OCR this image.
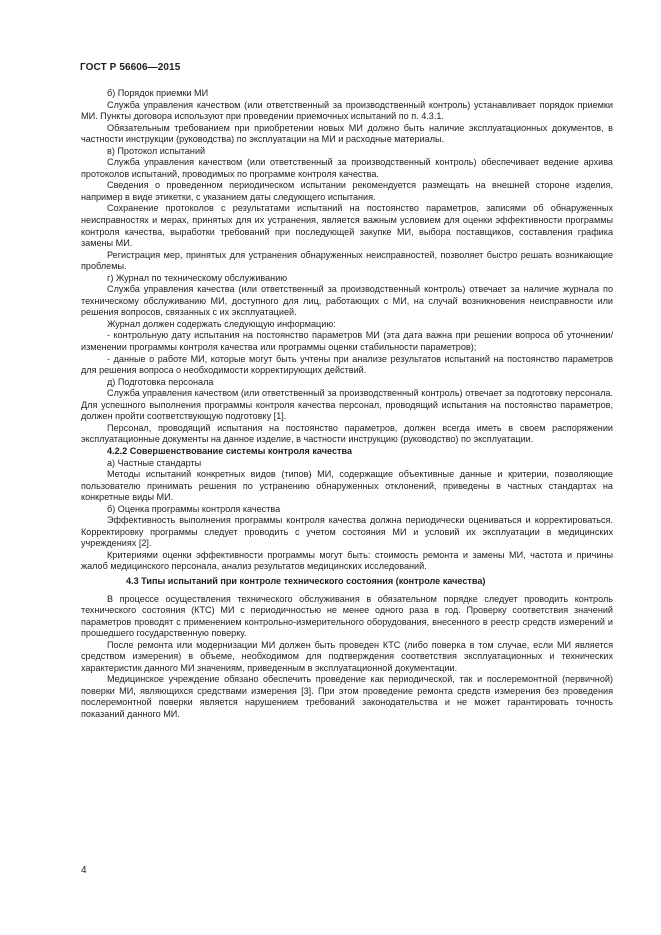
ГОСТ Р 56606—2015

б) Порядок приемки МИ

Служба управления качеством (или ответственный за производственный контроль) устанавливает порядок приемки МИ. Пункты договора используют при проведении приемочных испытаний по п. 4.3.1.

Обязательным требованием при приобретении новых МИ должно быть наличие эксплуатационных документов, в частности инструкции (руководства) по эксплуатации на МИ и расходные материалы.

в) Протокол испытаний

Служба управления качеством (или ответственный за производственный контроль) обеспечивает ведение архива протоколов испытаний, проводимых по программе контроля качества.

Сведения о проведенном периодическом испытании рекомендуется размещать на внешней стороне изделия, например в виде этикетки, с указанием даты следующего испытания.

Сохранение протоколов с результатами испытаний на постоянство параметров, записями об обнаруженных неисправностях и мерах, принятых для их устранения, является важным условием для оценки эффективности программы контроля качества, выработки требований при последующей закупке МИ, выбора поставщиков, составления графика замены МИ.

Регистрация мер, принятых для устранения обнаруженных неисправностей, позволяет быстро решать возникающие проблемы.

г) Журнал по техническому обслуживанию

Служба управления качества (или ответственный за производственный контроль) отвечает за наличие журнала по техническому обслуживанию МИ, доступного для лиц, работающих с МИ, на случай возникновения неисправности или решения вопросов, связанных с их эксплуатацией.

Журнал должен содержать следующую информацию:

- контрольную дату испытания на постоянство параметров МИ (эта дата важна при решении вопроса об уточнении/изменении программы контроля качества или программы оценки стабильности параметров);

- данные о работе МИ, которые могут быть учтены при анализе результатов испытаний на постоянство параметров для решения вопроса о необходимости корректирующих действий.

д) Подготовка персонала

Служба управления качеством (или ответственный за производственный контроль) отвечает за подготовку персонала. Для успешного выполнения программы контроля качества персонал, проводящий испытания на постоянство параметров, должен пройти соответствующую подготовку [1].

Персонал, проводящий испытания на постоянство параметров, должен всегда иметь в своем распоряжении эксплуатационные документы на данное изделие, в частности инструкцию (руководство) по эксплуатации.

4.2.2 Совершенствование системы контроля качества

а) Частные стандарты

Методы испытаний конкретных видов (типов) МИ, содержащие объективные данные и критерии, позволяющие пользователю принимать решения по устранению обнаруженных отклонений, приведены в частных стандартах на конкретные виды МИ.

б) Оценка программы контроля качества

Эффективность выполнения программы контроля качества должна периодически оцениваться и корректироваться. Корректировку программы следует проводить с учетом состояния МИ и условий их эксплуатации в медицинских учреждениях [2].

Критериями оценки эффективности программы могут быть: стоимость ремонта и замены МИ, частота и причины жалоб медицинского персонала, анализ результатов медицинских исследований.

4.3 Типы испытаний при контроле технического состояния (контроле качества)

В процессе осуществления технического обслуживания в обязательном порядке следует проводить контроль технического состояния (КТС) МИ с периодичностью не менее одного раза в год. Проверку соответствия значений параметров проводят с применением контрольно-измерительного оборудования, внесенного в реестр средств измерений и прошедшего государственную поверку.

После ремонта или модернизации МИ должен быть проведен КТС (либо поверка в том случае, если МИ является средством измерения) в объеме, необходимом для подтверждения соответствия эксплуатационных и технических характеристик данного МИ значениям, приведенным в эксплуатационной документации.

Медицинское учреждение обязано обеспечить проведение как периодической, так и послеремонтной (первичной) поверки МИ, являющихся средствами измерения [3]. При этом проведение ремонта средств измерения без проведения послеремонтной поверки является нарушением требований законодательства и не может гарантировать точность показаний данного МИ.

4
